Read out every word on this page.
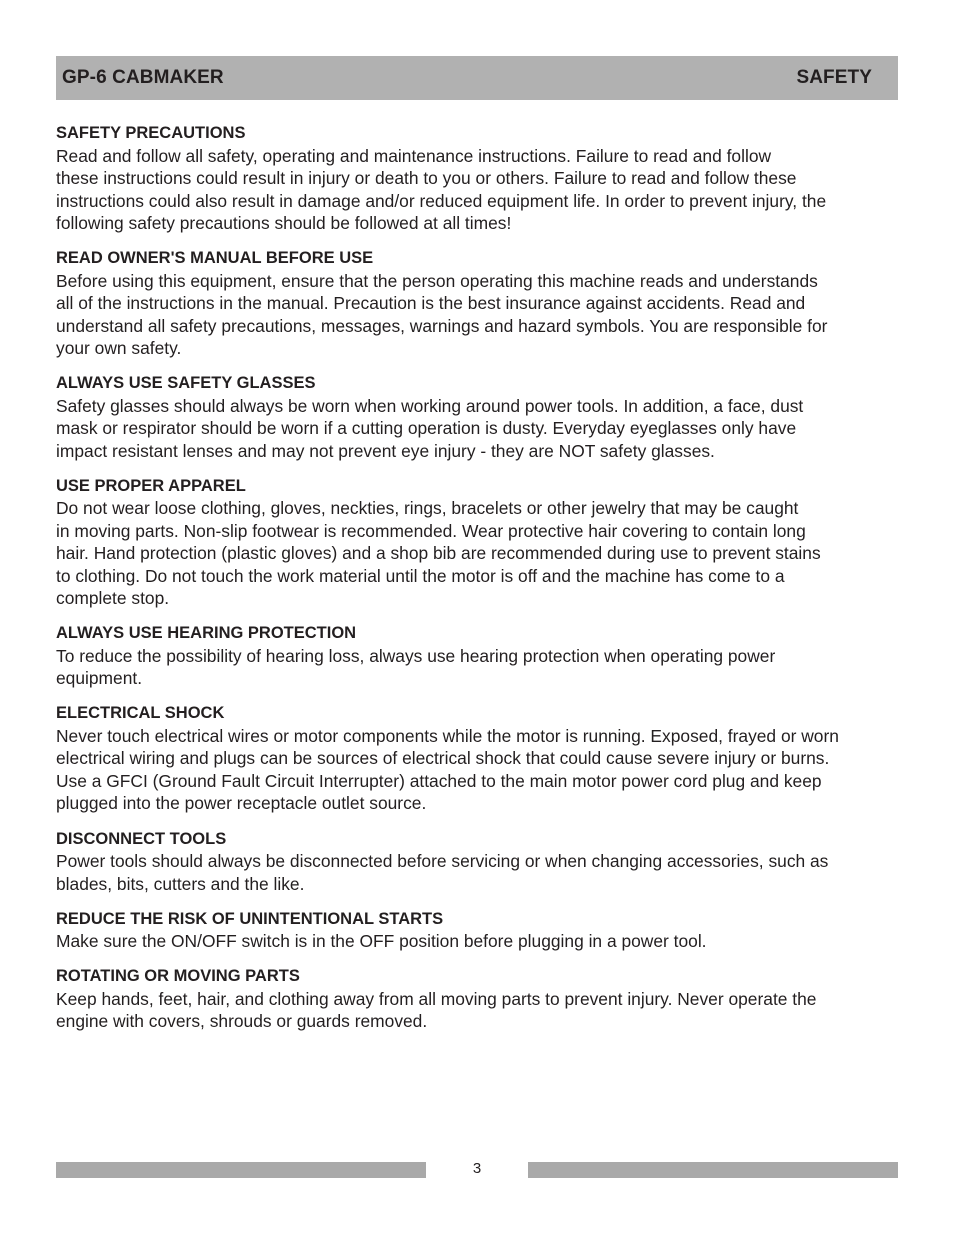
GP-6 CABMAKER	SAFETY
SAFETY PRECAUTIONS

Read and follow all safety, operating and maintenance instructions. Failure to read and follow
these instructions could result in injury or death to you or others. Failure to read and follow these
instructions could also result in damage and/or reduced equipment life. In order to prevent injury, the
following safety precautions should be followed at all times!

READ OWNER'S MANUAL BEFORE USE

Before using this equipment, ensure that the person operating this machine reads and understands
all of the instructions in the manual. Precaution is the best insurance against accidents. Read and
understand all safety precautions, messages, warnings and hazard symbols. You are responsible for
your own safety.

ALWAYS USE SAFETY GLASSES

Safety glasses should always be worn when working around power tools. In addition, a face, dust
mask or respirator should be worn if a cutting operation is dusty. Everyday eyeglasses only have
impact resistant lenses and may not prevent eye injury - they are NOT safety glasses.

USE PROPER APPAREL

Do not wear loose clothing, gloves, neckties, rings, bracelets or other jewelry that may be caught
in moving parts. Non-slip footwear is recommended. Wear protective hair covering to contain long
hair. Hand protection (plastic gloves) and a shop bib are recommended during use to prevent stains
to clothing. Do not touch the work material until the motor is off and the machine has come to a
complete stop.

ALWAYS USE HEARING PROTECTION

To reduce the possibility of hearing loss, always use hearing protection when operating power
equipment.

ELECTRICAL SHOCK

Never touch electrical wires or motor components while the motor is running. Exposed, frayed or worn
electrical wiring and plugs can be sources of electrical shock that could cause severe injury or burns.
Use a GFCI (Ground Fault Circuit Interrupter) attached to the main motor power cord plug and keep
plugged into the power receptacle outlet source.

DISCONNECT TOOLS

Power tools should always be disconnected before servicing or when changing accessories, such as
blades, bits, cutters and the like.

REDUCE THE RISK OF UNINTENTIONAL STARTS

Make sure the ON/OFF switch is in the OFF position before plugging in a power tool.

ROTATING OR MOVING PARTS

Keep hands, feet, hair, and clothing away from all moving parts to prevent injury. Never operate the
engine with covers, shrouds or guards removed.

3
